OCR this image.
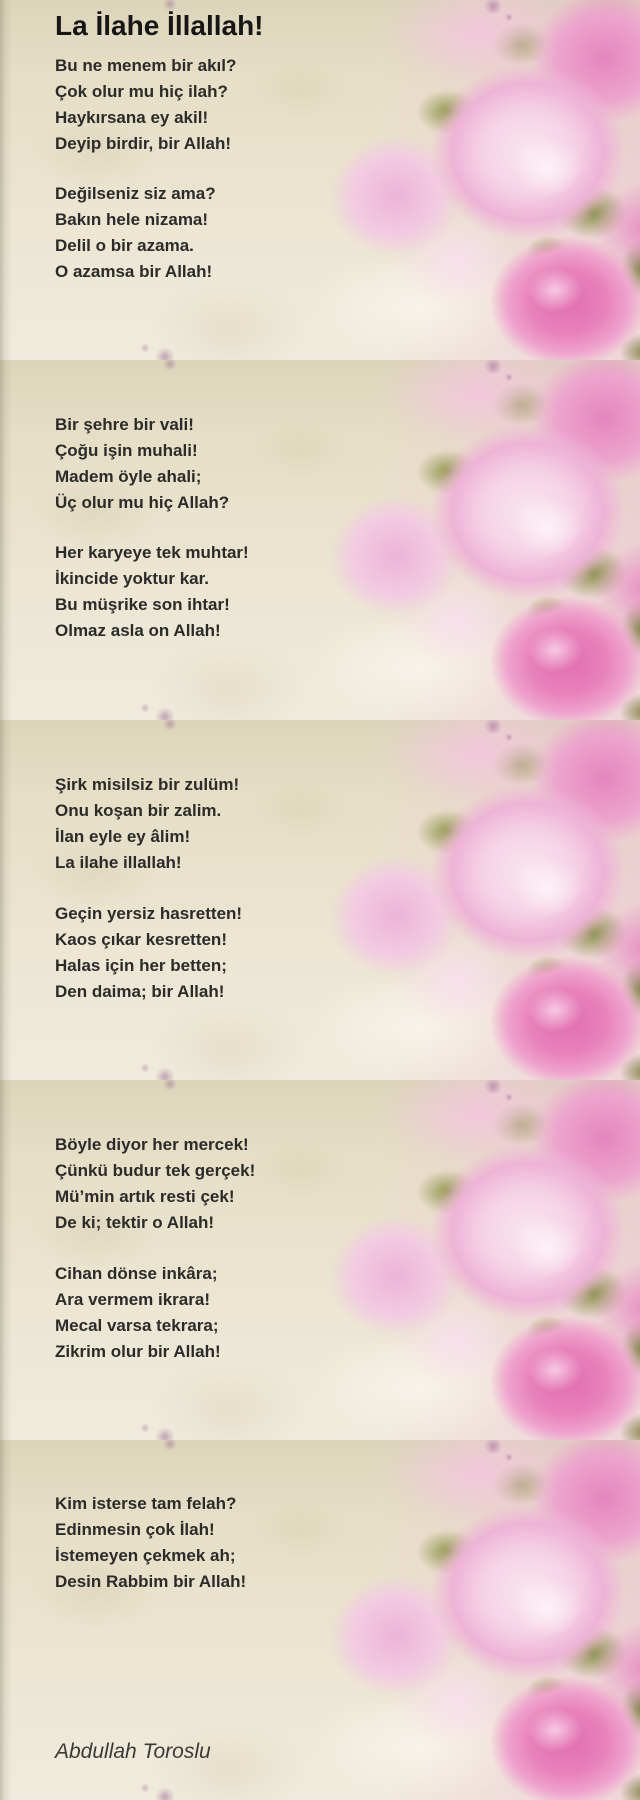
La İlahe İllallah!
Bu ne menem bir akıl?
Çok olur mu hiç ilah?
Haykırsana ey akil!
Deyip birdir, bir Allah!
Değilseniz siz ama?
Bakın hele nizama!
Delil o bir azama.
O azamsa bir Allah!
Bir şehre bir vali!
Çoğu işin muhali!
Madem öyle ahali;
Üç olur mu hiç Allah?
Her karyeye tek muhtar!
İkincide yoktur kar.
Bu müşrike son ihtar!
Olmaz asla on Allah!
Şirk misilsiz bir zulüm!
Onu koşan bir zalim.
İlan eyle ey âlim!
La ilahe illallah!
Geçin yersiz hasretten!
Kaos çıkar kesretten!
Halas için her betten;
Den daima; bir Allah!
Böyle diyor her mercek!
Çünkü budur tek gerçek!
Mü’min artık resti çek!
De ki; tektir o Allah!
Cihan dönse inkâra;
Ara vermem ikrara!
Mecal varsa tekrara;
Zikrim olur bir Allah!
Kim isterse tam felah?
Edinmesin çok İlah!
İstemeyen çekmek ah;
Desin Rabbim bir Allah!
Abdullah Toroslu
